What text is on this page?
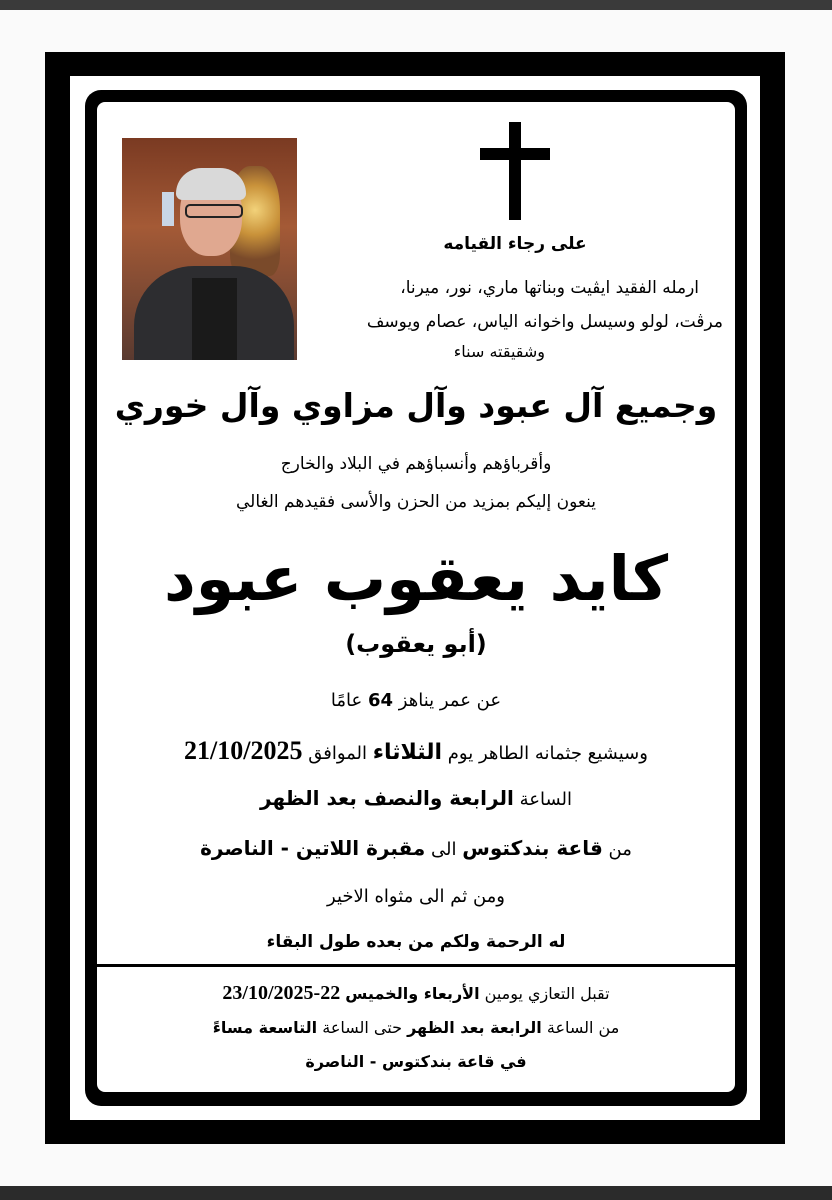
على رجاء القيامه
ارمله الفقيد ايڤيت وبناتها ماري، نور، ميرنا،
مرڤت، لولو وسيسل واخوانه الياس، عصام ويوسف
وشقيقته سناء
وجميع آل عبود وآل مزاوي وآل خوري
وأقرباؤهم وأنسباؤهم في البلاد والخارج
ينعون إليكم بمزيد من الحزن والأسى فقيدهم الغالي
كايد يعقوب عبود
(أبو يعقوب)
عن عمر يناهز 64 عامًا
وسيشيع جثمانه الطاهر يوم الثلاثاء الموافق 21/10/2025
الساعة الرابعة والنصف بعد الظهر
من قاعة بندكتوس الى مقبرة اللاتين - الناصرة
ومن ثم الى مثواه الاخير
له الرحمة ولكم من بعده طول البقاء
تقبل التعازي يومين الأربعاء والخميس 22-23/10/2025
من الساعة الرابعة بعد الظهر حتى الساعة التاسعة مساءً
في قاعة بندكتوس - الناصرة
